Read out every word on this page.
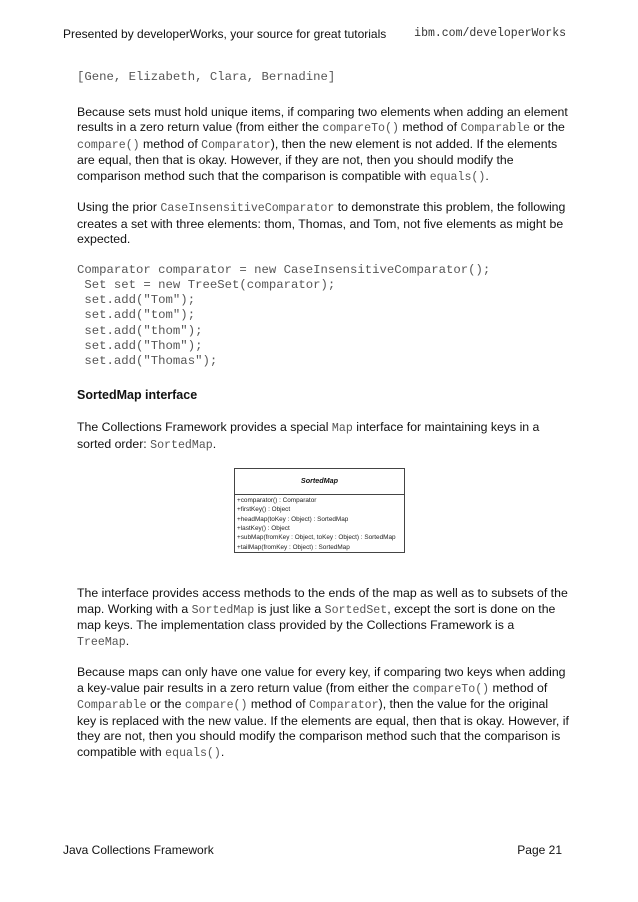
Presented by developerWorks, your source for great tutorials ibm.com/developerWorks
[Gene, Elizabeth, Clara, Bernadine]

Because sets must hold unique items, if comparing two elements when adding an element results in a zero return value (from either the compareTo() method of Comparable or the compare() method of Comparator), then the new element is not added. If the elements are equal, then that is okay. However, if they are not, then you should modify the comparison method such that the comparison is compatible with equals().

Using the prior CaseInsensitiveComparator to demonstrate this problem, the following creates a set with three elements: thom, Thomas, and Tom, not five elements as might be expected.

Comparator comparator = new CaseInsensitiveComparator();
Set set = new TreeSet(comparator);
set.add("Tom");
set.add("tom");
set.add("thom");
set.add("Thom");
set.add("Thomas");
SortedMap interface

The Collections Framework provides a special Map interface for maintaining keys in a sorted order: SortedMap.

SortedMap
+comparator() : Comparator
+firstKey() : Object
+headMap(toKey : Object) : SortedMap
+lastKey() : Object
+subMap(fromKey : Object, toKey : Object) : SortedMap
+tailMap(fromKey : Object) : SortedMap

The interface provides access methods to the ends of the map as well as to subsets of the map. Working with a SortedMap is just like a SortedSet, except the sort is done on the map keys. The implementation class provided by the Collections Framework is a TreeMap.

Because maps can only have one value for every key, if comparing two keys when adding a key-value pair results in a zero return value (from either the compareTo() method of Comparable or the compare() method of Comparator), then the value for the original key is replaced with the new value. If the elements are equal, then that is okay. However, if they are not, then you should modify the comparison method such that the comparison is compatible with equals().

Java Collections Framework	Page 21
